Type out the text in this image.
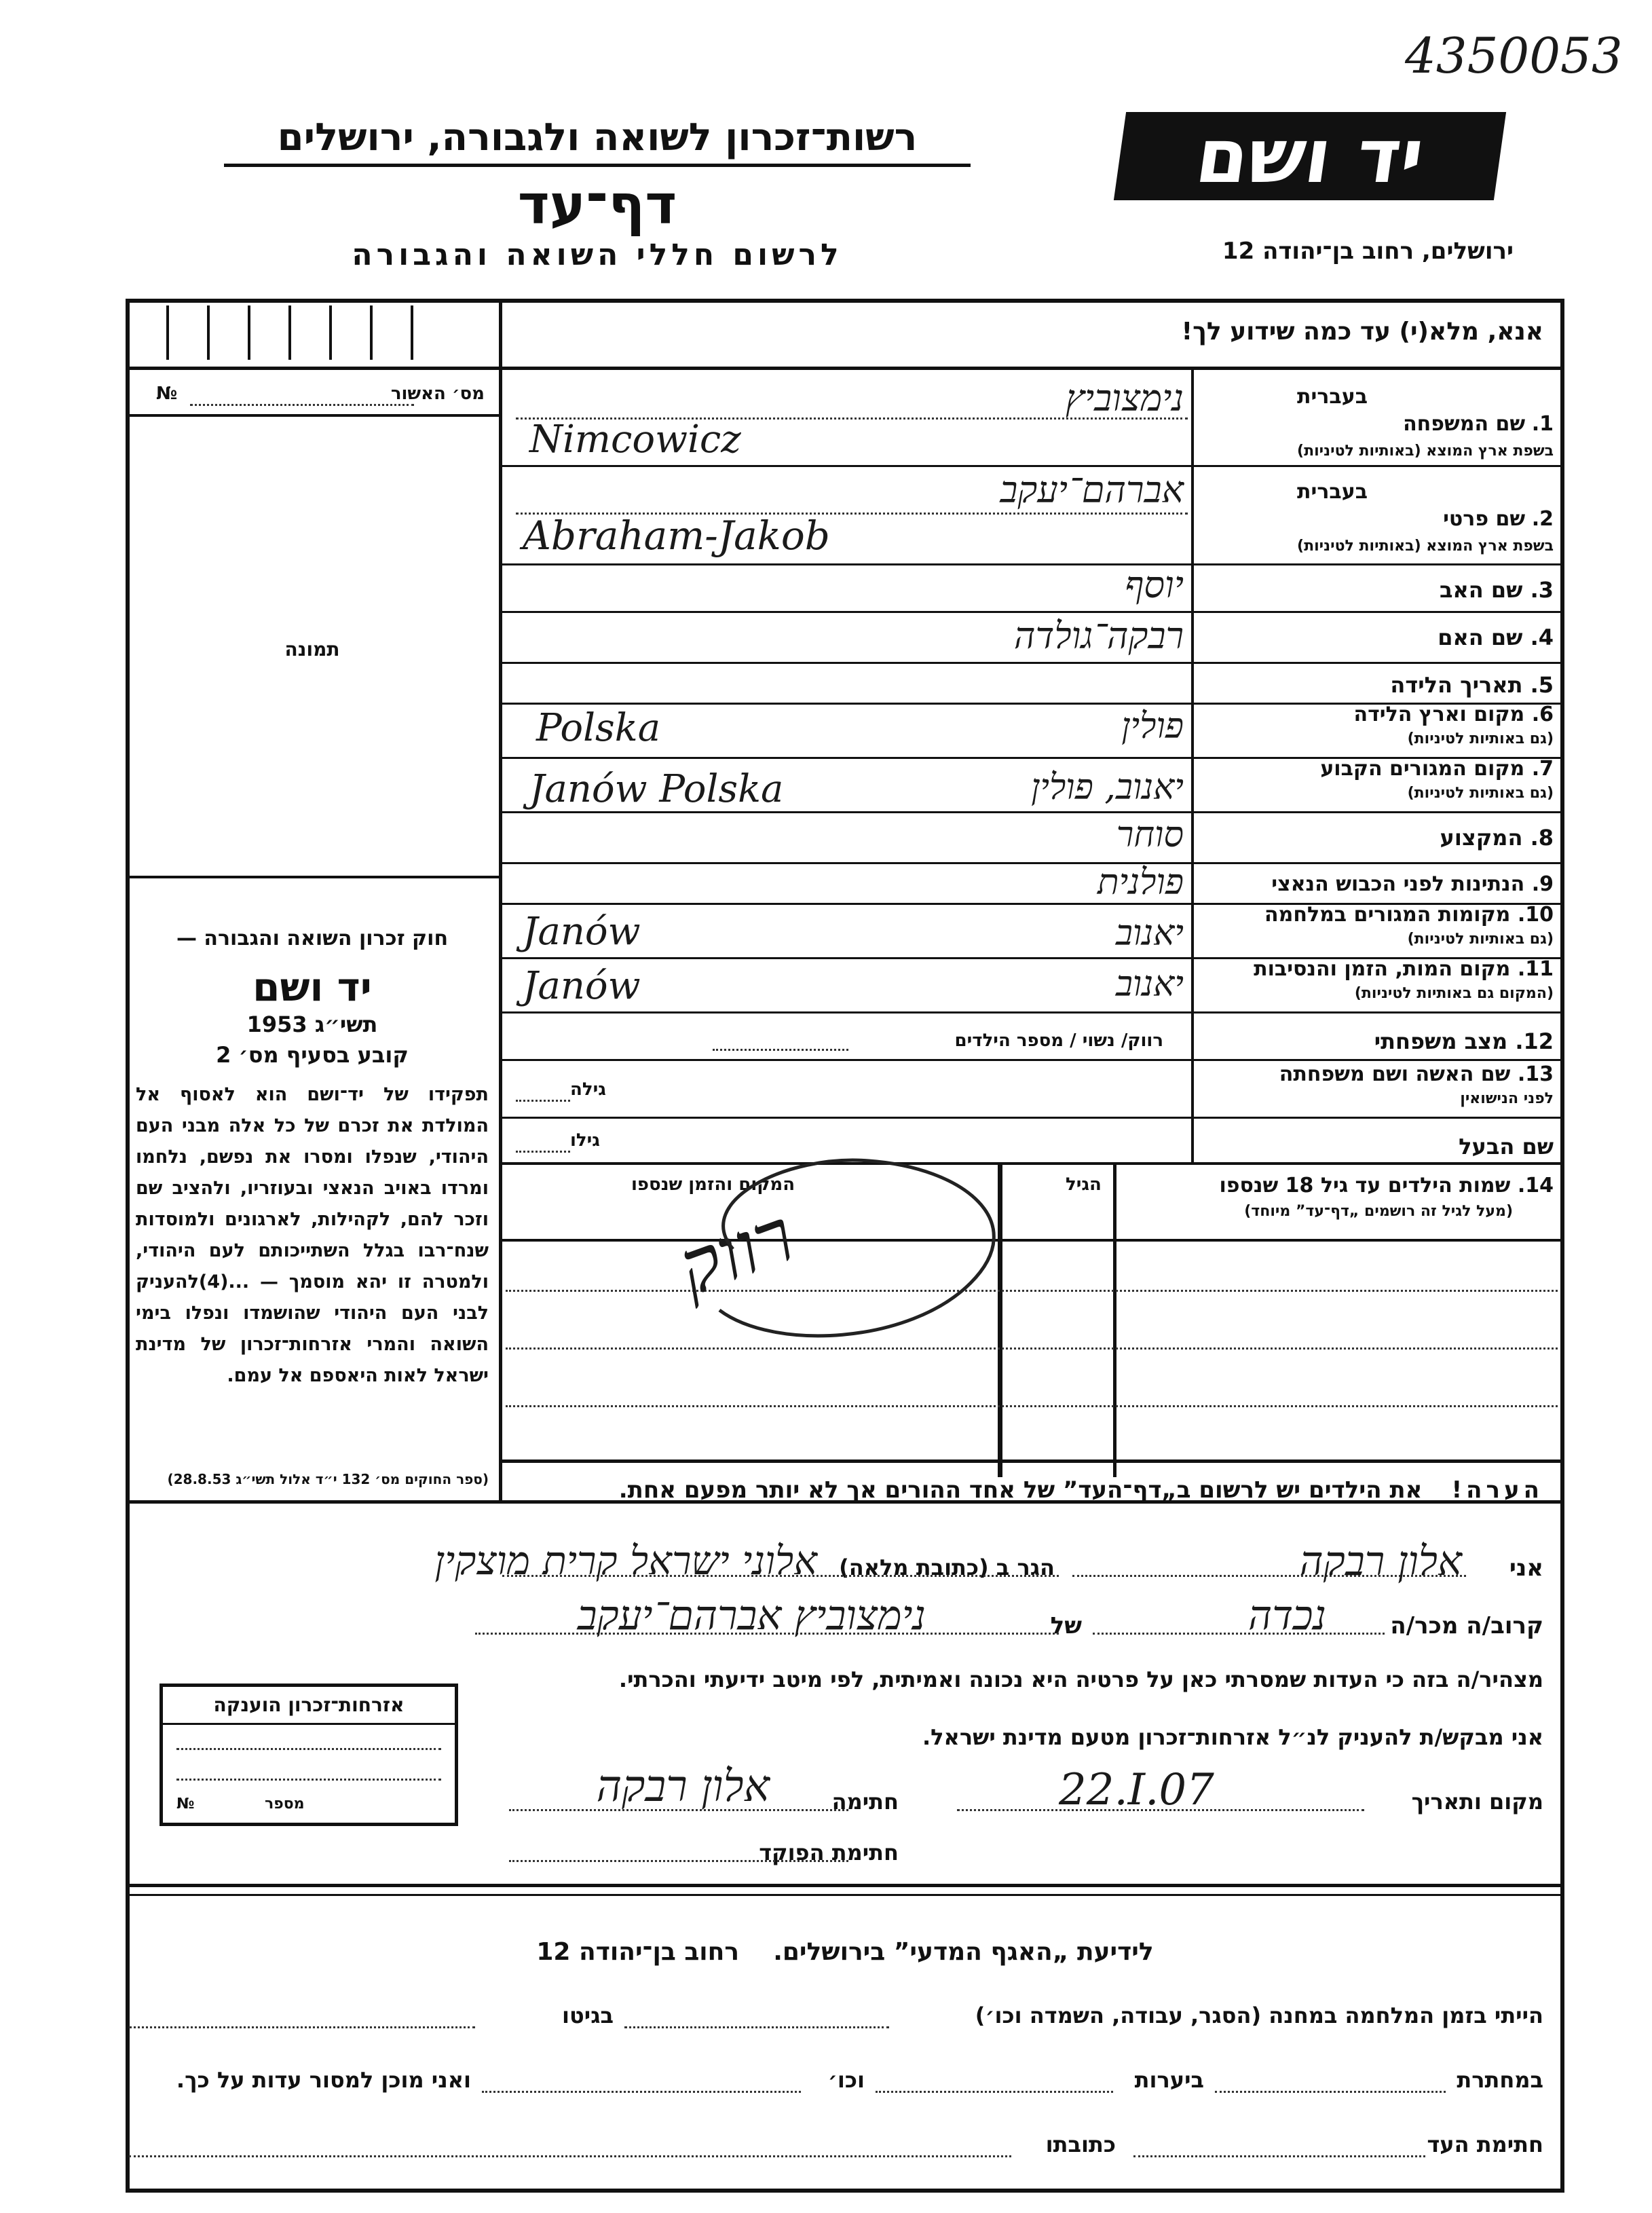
4350053
רשות־זכרון לשואה ולגבורה, ירושלים
דף־עד
לרשום חללי השואה והגבורה
יד ושם
ירושלים, רחוב בן־יהודה 12
אנא, מלא(י) עד כמה שידוע לך!
מס׳ האשור
№
תמונה
חוק זכרון השואה והגבורה —
יד ושם
תשי״ג 1953
קובע בסעיף מס׳ 2
תפקידו של יד־ושם הוא לאסוף אל המולדת את זכרם של כל אלה מבני העם היהודי, שנפלו ומסרו את נפשם, נלחמו ומרדו באויב הנאצי ובעוזריו, ולהציב שם וזכר להם, לקהילות, לארגונים ולמוסדות שנח־רבו בגלל השתייכותם לעם היהודי, ולמטרה זו יהא מוסמך — ...(4)להעניק לבני העם היהודי שהושמדו ונפלו בימי השואה והמרי אזרחות־זכרון של מדינת ישראל לאות היאספם אל עמם.
(ספר החוקים מס׳ 132 י״ד אלול תשי״ג 28.8.53)
בעברית
1. שם המשפחה
בשפת ארץ המוצא (באותיות לטיניות)
נימצוביץ
Nimcowicz
בעברית
2. שם פרטי
בשפת ארץ המוצא (באותיות לטיניות)
אברהם־יעקב
Abraham-Jakob
3. שם האב
יוסף
4. שם האם
רבקה־גולדה
5. תאריך הלידה
6. מקום וארץ הלידה
(גם באותיות לטיניות)
פולין
Polska
7. מקום המגורים הקבוע
(גם באותיות לטיניות)
יאנוב, פולין
Janów Polska
8. המקצוע
סוחר
9. הנתינות לפני הכבוש הנאצי
פולנית
10. מקומות המגורים במלחמה
(גם באותיות לטיניות)
יאנוב
Janów
11. מקום המות, הזמן והנסיבות
(המקום גם באותיות לטיניות)
יאנוב
Janów
12. מצב משפחתי
רווק/ נשוי / מספר הילדים
13. שם האשה ושם משפחתה
לפני הנישואין
גילה
שם הבעל
גילו
14. שמות הילדים עד גיל 18 שנספו
(מעל לגיל זה רושמים „דף־עד” מיוחד)
הגיל
המקום והזמן שנספו
רווק
הערה!    את הילדים יש לרשום ב„דף־העד” של אחד ההורים אך לא יותר מפעם אחת.
אני
אלון רבקה
הגר ב (כתובת מלאה)
אלוני ישראל קרית מוצקין
קרוב/ה מכר/ה
נכדה
של
נימצוביץ אברהם־יעקב
מצהיר/ה בזה כי העדות שמסרתי כאן על פרטיה היא נכונה ואמיתית, לפי מיטב ידיעתי והכרתי.
אני מבקש/ת להעניק לנ״ל אזרחות־זכרון מטעם מדינת ישראל.
מקום ותאריך
22.I.07
חתימה
אלון רבקה
חתימת הפוקד
אזרחות־זכרון הוענקה
מספר
№
לידיעת „האגף המדעי” בירושלים.    רחוב בן־יהודה 12
הייתי בזמן המלחמה במחנה (הסגר, עבודה, השמדה וכו׳)
בגיטו
במחתרת
ביערות
וכו׳
ואני מוכן למסור עדות על כך.
חתימת העד
כתובתו
